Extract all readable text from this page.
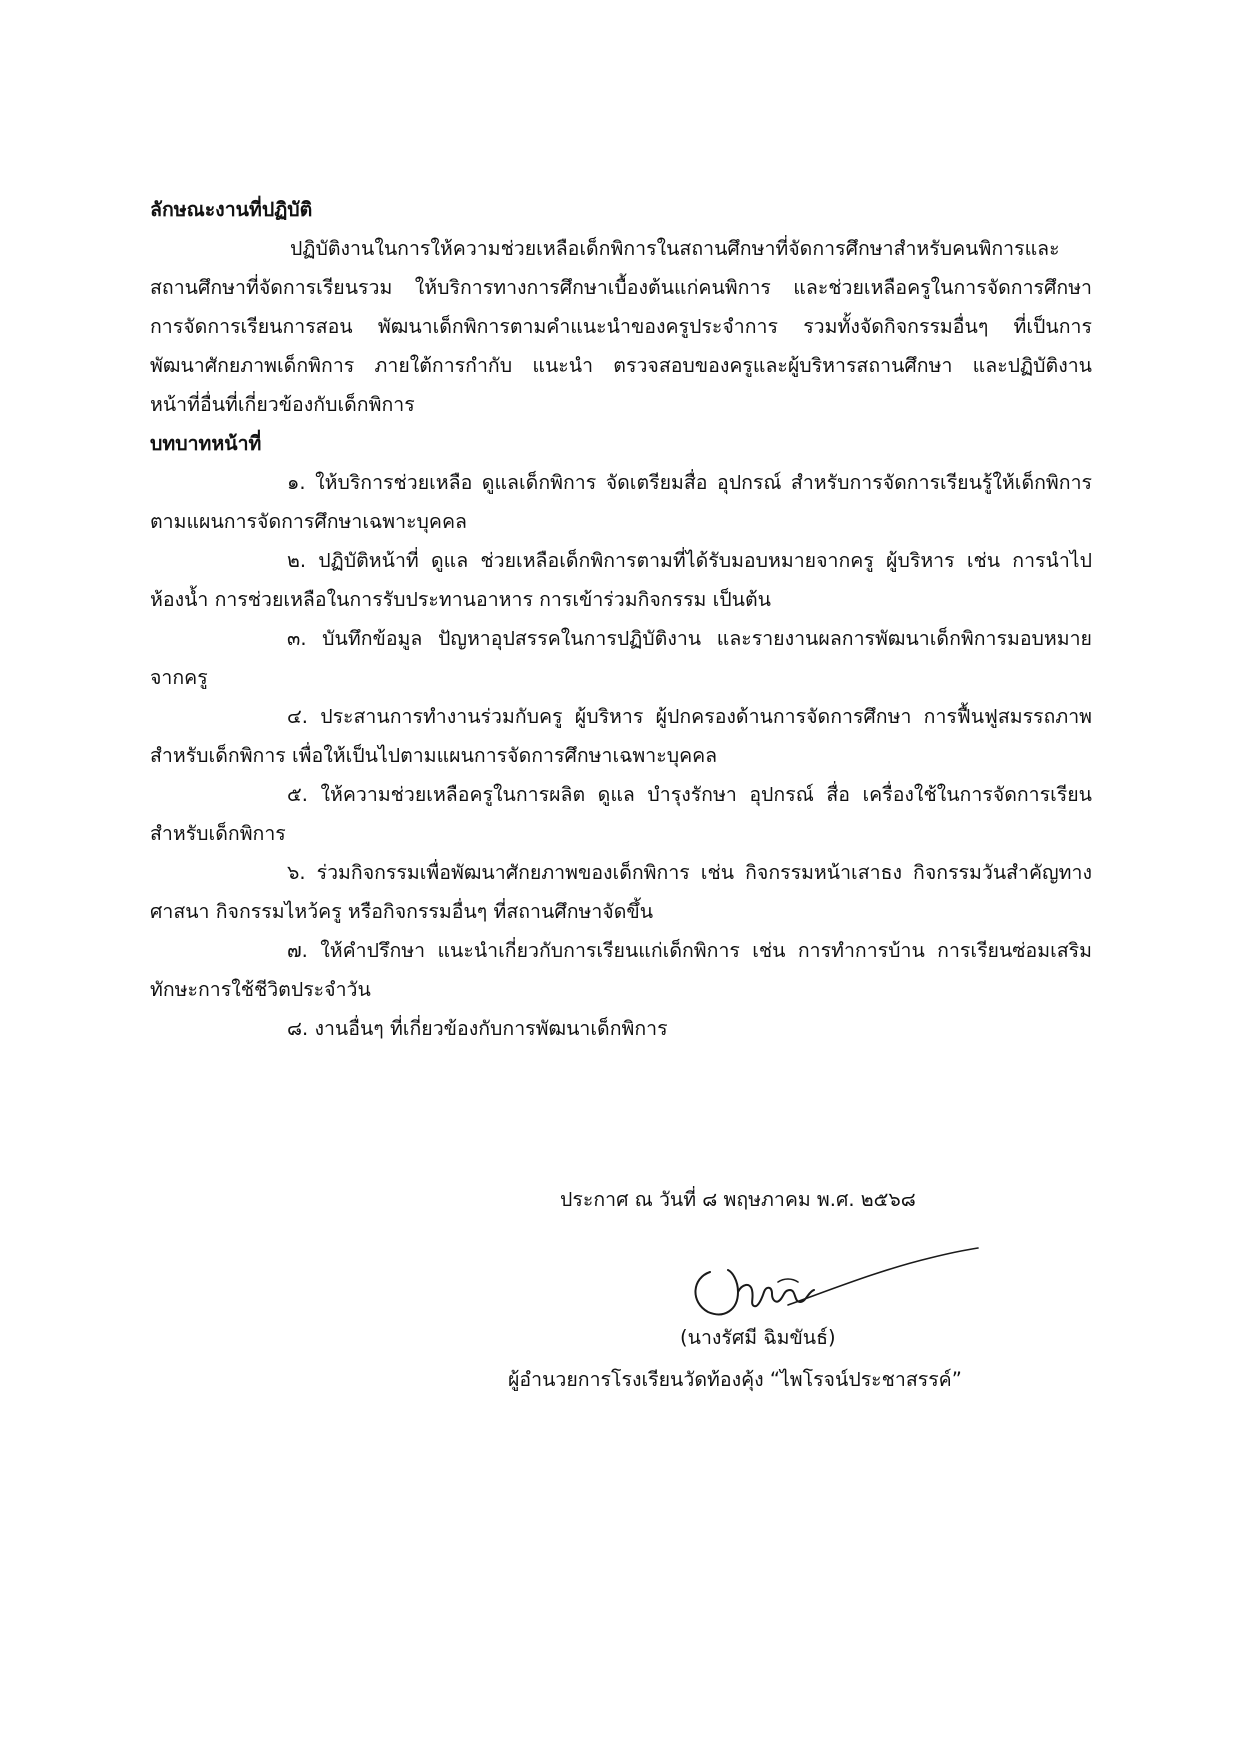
ลักษณะงานที่ปฏิบัติ

ปฏิบัติงานในการให้ความช่วยเหลือเด็กพิการในสถานศึกษาที่จัดการศึกษาสำหรับคนพิการและสถานศึกษาที่จัดการเรียนรวม ให้บริการทางการศึกษาเบื้องต้นแก่คนพิการ และช่วยเหลือครูในการจัดการศึกษาการจัดการเรียนการสอน พัฒนาเด็กพิการตามคำแนะนำของครูประจำการ รวมทั้งจัดกิจกรรมอื่นๆ ที่เป็นการพัฒนาศักยภาพเด็กพิการ ภายใต้การกำกับ แนะนำ ตรวจสอบของครูและผู้บริหารสถานศึกษา และปฏิบัติงานหน้าที่อื่นที่เกี่ยวข้องกับเด็กพิการ

บทบาทหน้าที่

๑. ให้บริการช่วยเหลือ ดูแลเด็กพิการ จัดเตรียมสื่อ อุปกรณ์ สำหรับการจัดการเรียนรู้ให้เด็กพิการตามแผนการจัดการศึกษาเฉพาะบุคคล

๒. ปฏิบัติหน้าที่ ดูแล ช่วยเหลือเด็กพิการตามที่ได้รับมอบหมายจากครู ผู้บริหาร เช่น การนำไปห้องน้ำ การช่วยเหลือในการรับประทานอาหาร การเข้าร่วมกิจกรรม เป็นต้น

๓. บันทึกข้อมูล ปัญหาอุปสรรคในการปฏิบัติงาน และรายงานผลการพัฒนาเด็กพิการมอบหมายจากครู

๔. ประสานการทำงานร่วมกับครู ผู้บริหาร ผู้ปกครองด้านการจัดการศึกษา การฟื้นฟูสมรรถภาพสำหรับเด็กพิการ เพื่อให้เป็นไปตามแผนการจัดการศึกษาเฉพาะบุคคล

๕. ให้ความช่วยเหลือครูในการผลิต ดูแล บำรุงรักษา อุปกรณ์ สื่อ เครื่องใช้ในการจัดการเรียนสำหรับเด็กพิการ

๖. ร่วมกิจกรรมเพื่อพัฒนาศักยภาพของเด็กพิการ เช่น กิจกรรมหน้าเสาธง กิจกรรมวันสำคัญทางศาสนา กิจกรรมไหว้ครู หรือกิจกรรมอื่นๆ ที่สถานศึกษาจัดขึ้น

๗. ให้คำปรึกษา แนะนำเกี่ยวกับการเรียนแก่เด็กพิการ เช่น การทำการบ้าน การเรียนซ่อมเสริมทักษะการใช้ชีวิตประจำวัน

๘. งานอื่นๆ ที่เกี่ยวข้องกับการพัฒนาเด็กพิการ

ประกาศ ณ วันที่ ๘ พฤษภาคม พ.ศ. ๒๕๖๘
(นางรัศมี ฉิมขันธ์)
ผู้อำนวยการโรงเรียนวัดท้องคุ้ง “ไพโรจน์ประชาสรรค์”
